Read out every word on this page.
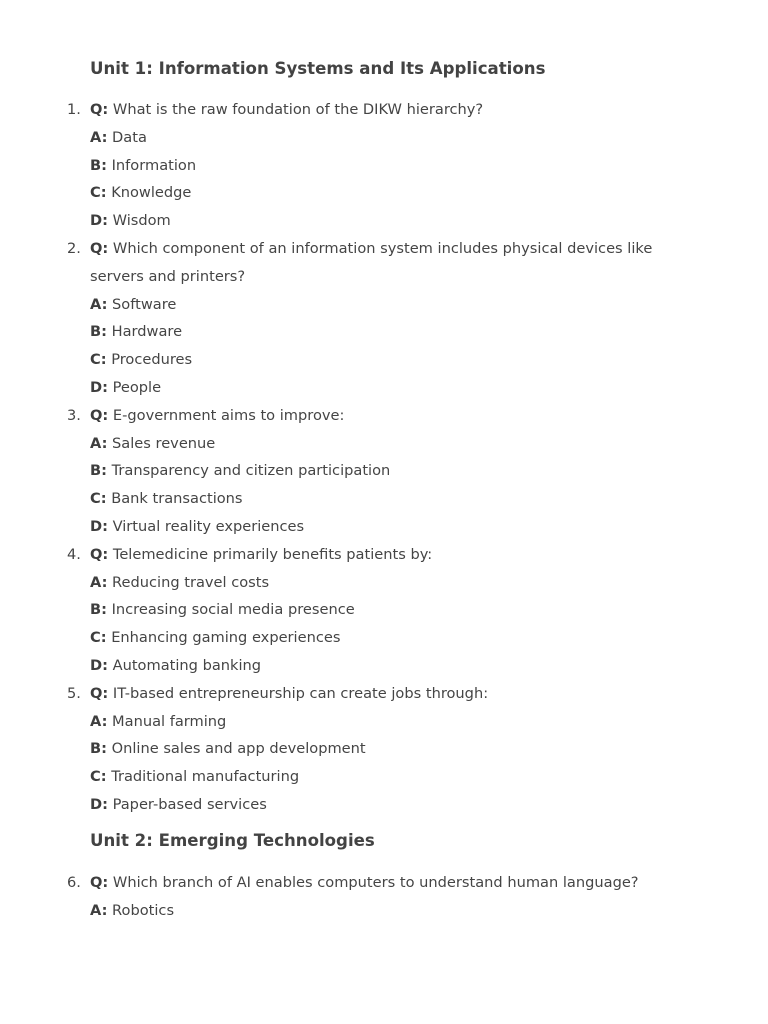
Unit 1: Information Systems and Its Applications
1. Q: What is the raw foundation of the DIKW hierarchy?
A: Data
B: Information
C: Knowledge
D: Wisdom
2. Q: Which component of an information system includes physical devices like servers and printers?
A: Software
B: Hardware
C: Procedures
D: People
3. Q: E-government aims to improve:
A: Sales revenue
B: Transparency and citizen participation
C: Bank transactions
D: Virtual reality experiences
4. Q: Telemedicine primarily benefits patients by:
A: Reducing travel costs
B: Increasing social media presence
C: Enhancing gaming experiences
D: Automating banking
5. Q: IT-based entrepreneurship can create jobs through:
A: Manual farming
B: Online sales and app development
C: Traditional manufacturing
D: Paper-based services
Unit 2: Emerging Technologies
6. Q: Which branch of AI enables computers to understand human language?
A: Robotics
